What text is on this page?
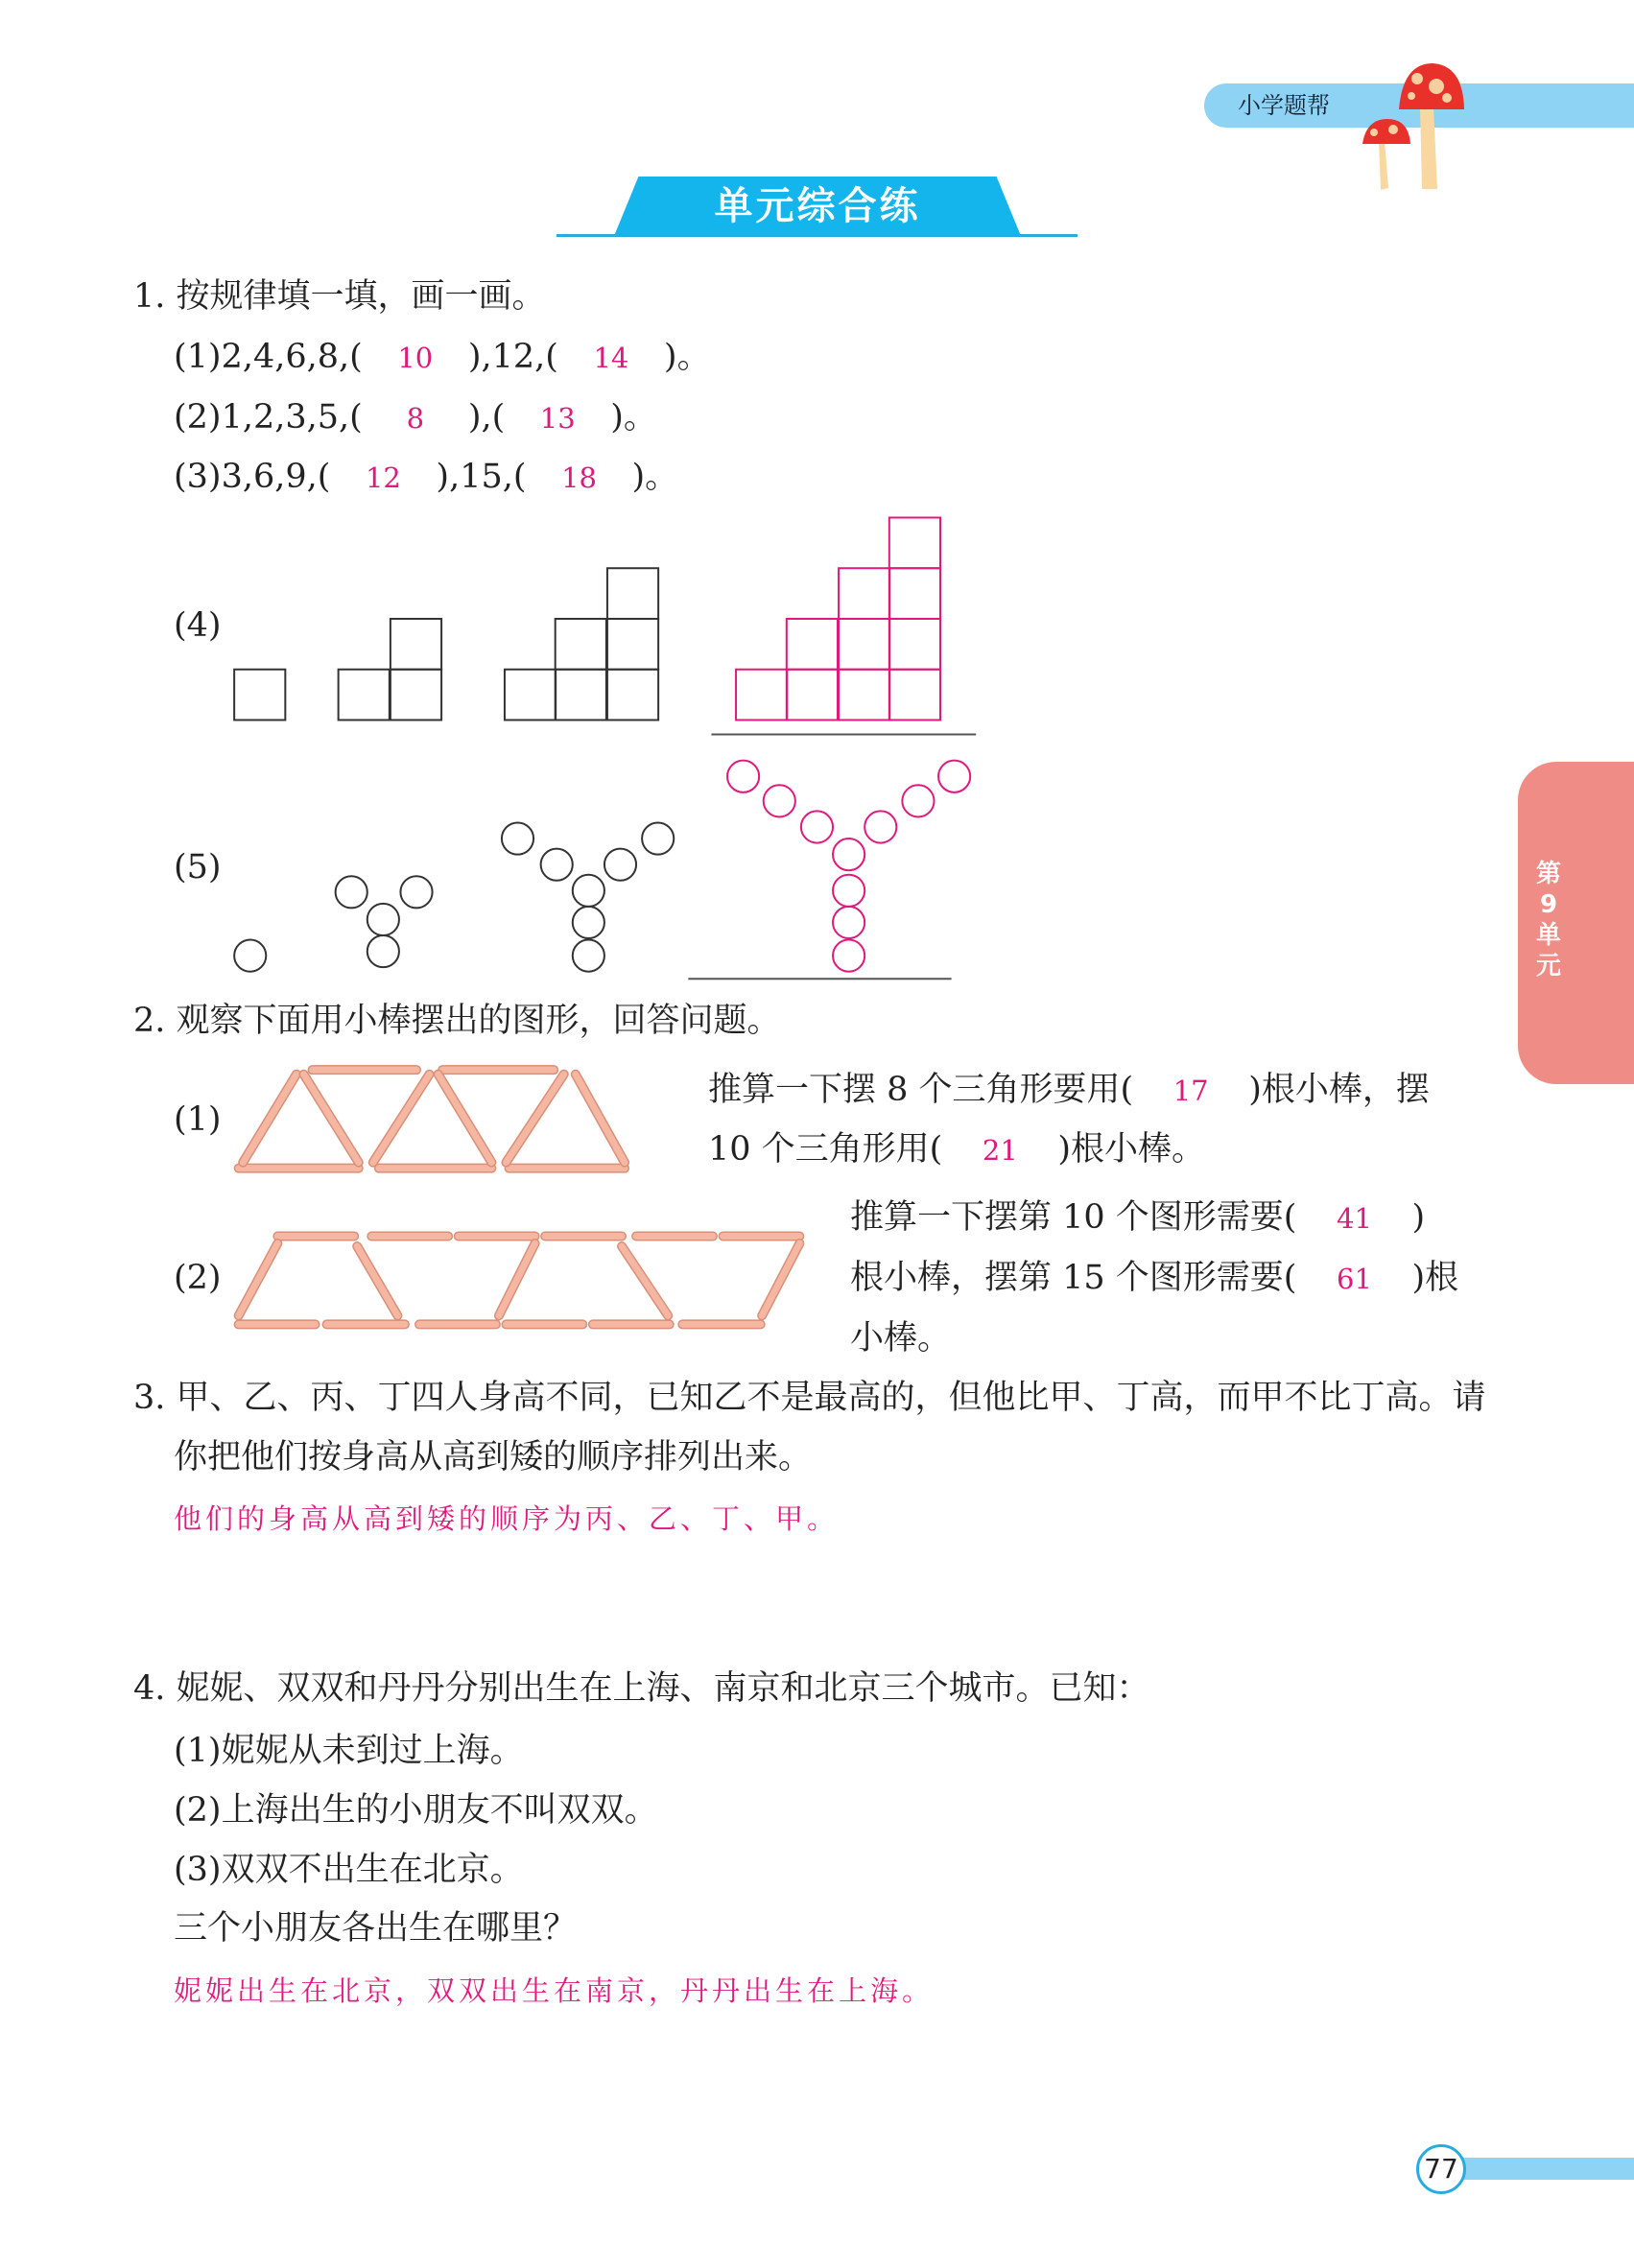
小学题帮
单元综合练
第9单元
1. 按规律填一填，画一画。
(1)2,4,6,8,( 10 ),12,( 14 )。
(2)1,2,3,5,( 8 ),( 13 )。
(3)3,6,9,( 12 ),15,( 18 )。
(4)
(5)
2. 观察下面用小棒摆出的图形，回答问题。
(1)
(2)
推算一下摆 8 个三角形要用( 17 )根小棒，摆
10 个三角形用( 21 )根小棒。
推算一下摆第 10 个图形需要( 41 )
根小棒，摆第 15 个图形需要( 61 )根
小棒。
3. 甲、乙、丙、丁四人身高不同，已知乙不是最高的，但他比甲、丁高，而甲不比丁高。请
你把他们按身高从高到矮的顺序排列出来。
他们的身高从高到矮的顺序为丙、乙、丁、甲。
4. 妮妮、双双和丹丹分别出生在上海、南京和北京三个城市。已知：
(1)妮妮从未到过上海。
(2)上海出生的小朋友不叫双双。
(3)双双不出生在北京。
三个小朋友各出生在哪里？
妮妮出生在北京，双双出生在南京，丹丹出生在上海。
77
